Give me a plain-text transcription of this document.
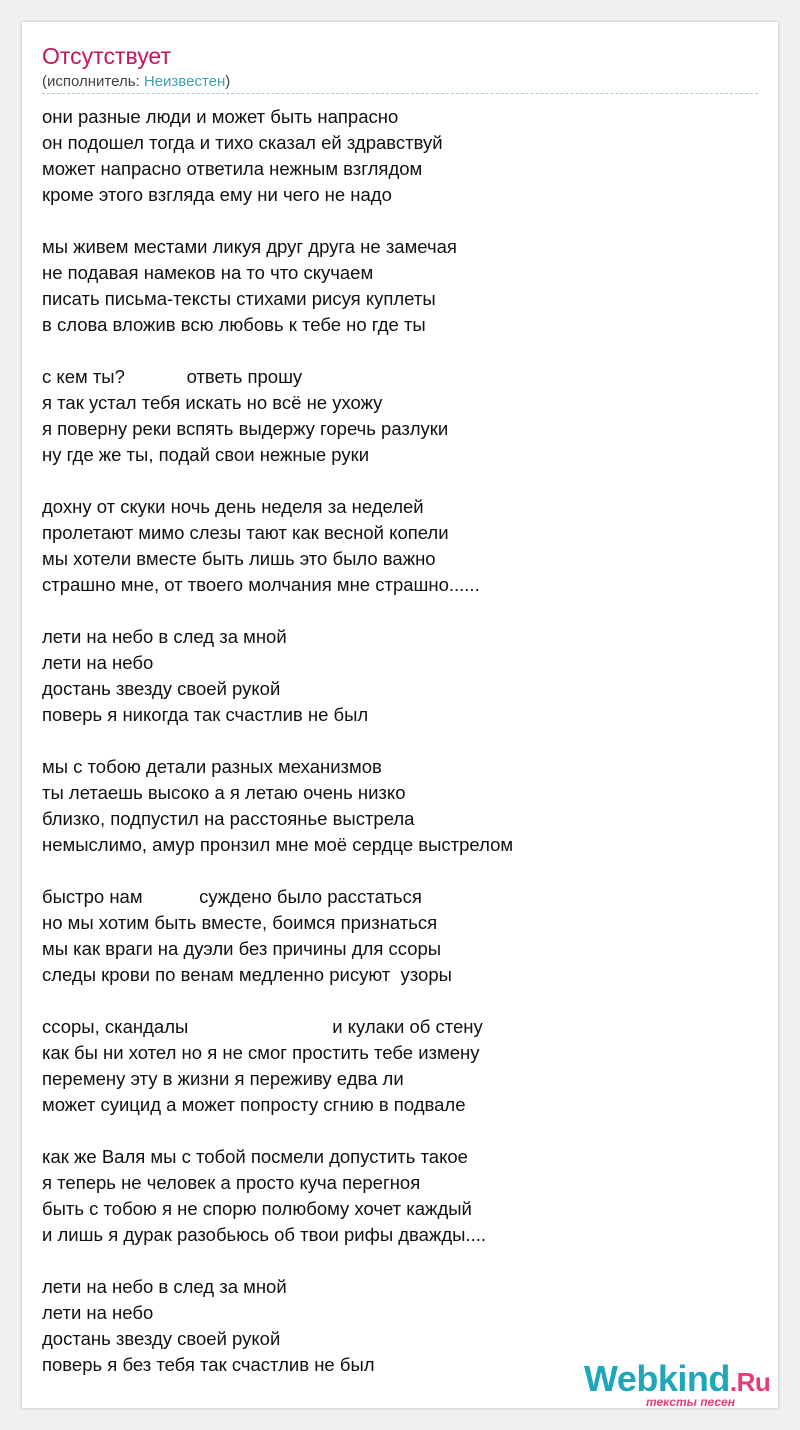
Отсутствует
(исполнитель: Неизвестен)
они разные люди и может быть напрасно
он подошел тогда и тихо сказал ей здравствуй
может напрасно ответила нежным взглядом
кроме этого взгляда ему ни чего не надо
мы живем местами ликуя друг друга не замечая
не подавая намеков на то что скучаем
писать письма-тексты стихами рисуя куплеты
в слова вложив всю любовь к тебе но где ты
с кем ты?            ответь прошу
я так устал тебя искать но всё не ухожу
я поверну реки вспять выдержу горечь разлуки
ну где же ты, подай свои нежные руки
дохну от скуки ночь день неделя за неделей
пролетают мимо слезы тают как весной копели
мы хотели вместе быть лишь это было важно
страшно мне, от твоего молчания мне страшно......
лети на небо в след за мной
лети на небо
достань звезду своей рукой
поверь я никогда так счастлив не был
мы с тобою детали разных механизмов
ты летаешь высоко а я летаю очень низко
близко, подпустил на расстоянье выстрела
немыслимо, амур пронзил мне моё сердце выстрелом
быстро нам           суждено было расстаться
но мы хотим быть вместе, боимся признаться
мы как враги на дуэли без причины для ссоры
следы крови по венам медленно рисуют  узоры
ссоры, скандалы                            и кулаки об стену
как бы ни хотел но я не смог простить тебе измену
перемену эту в жизни я переживу едва ли
может суицид а может попросту сгнию в подвале
как же Валя мы с тобой посмели допустить такое
я теперь не человек а просто куча перегноя
быть с тобою я не спорю полюбому хочет каждый
и лишь я дурак разобьюсь об твои рифы дважды....
лети на небо в след за мной
лети на небо
достань звезду своей рукой
поверь я без тебя так счастлив не был	Webkind.Ru
тексты песен
